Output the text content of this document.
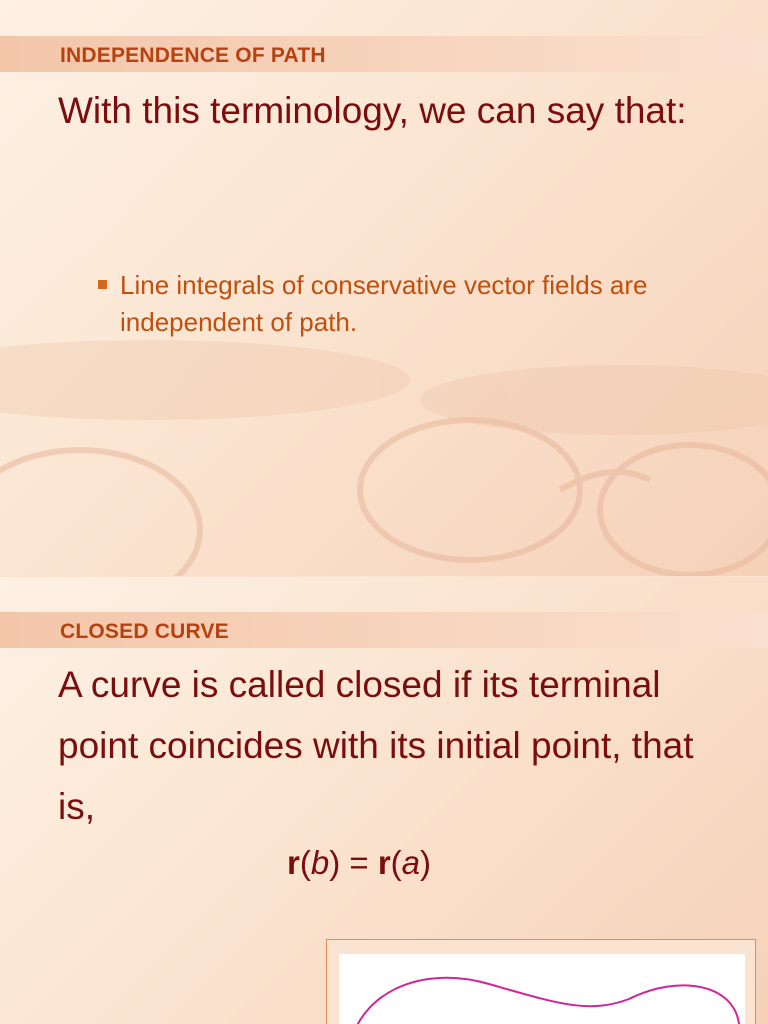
INDEPENDENCE OF PATH
With this terminology, we can say that:
Line integrals of conservative vector fields are independent of path.
CLOSED CURVE
A curve is called closed if its terminal point coincides with its initial point, that is,
r(b) = r(a)
